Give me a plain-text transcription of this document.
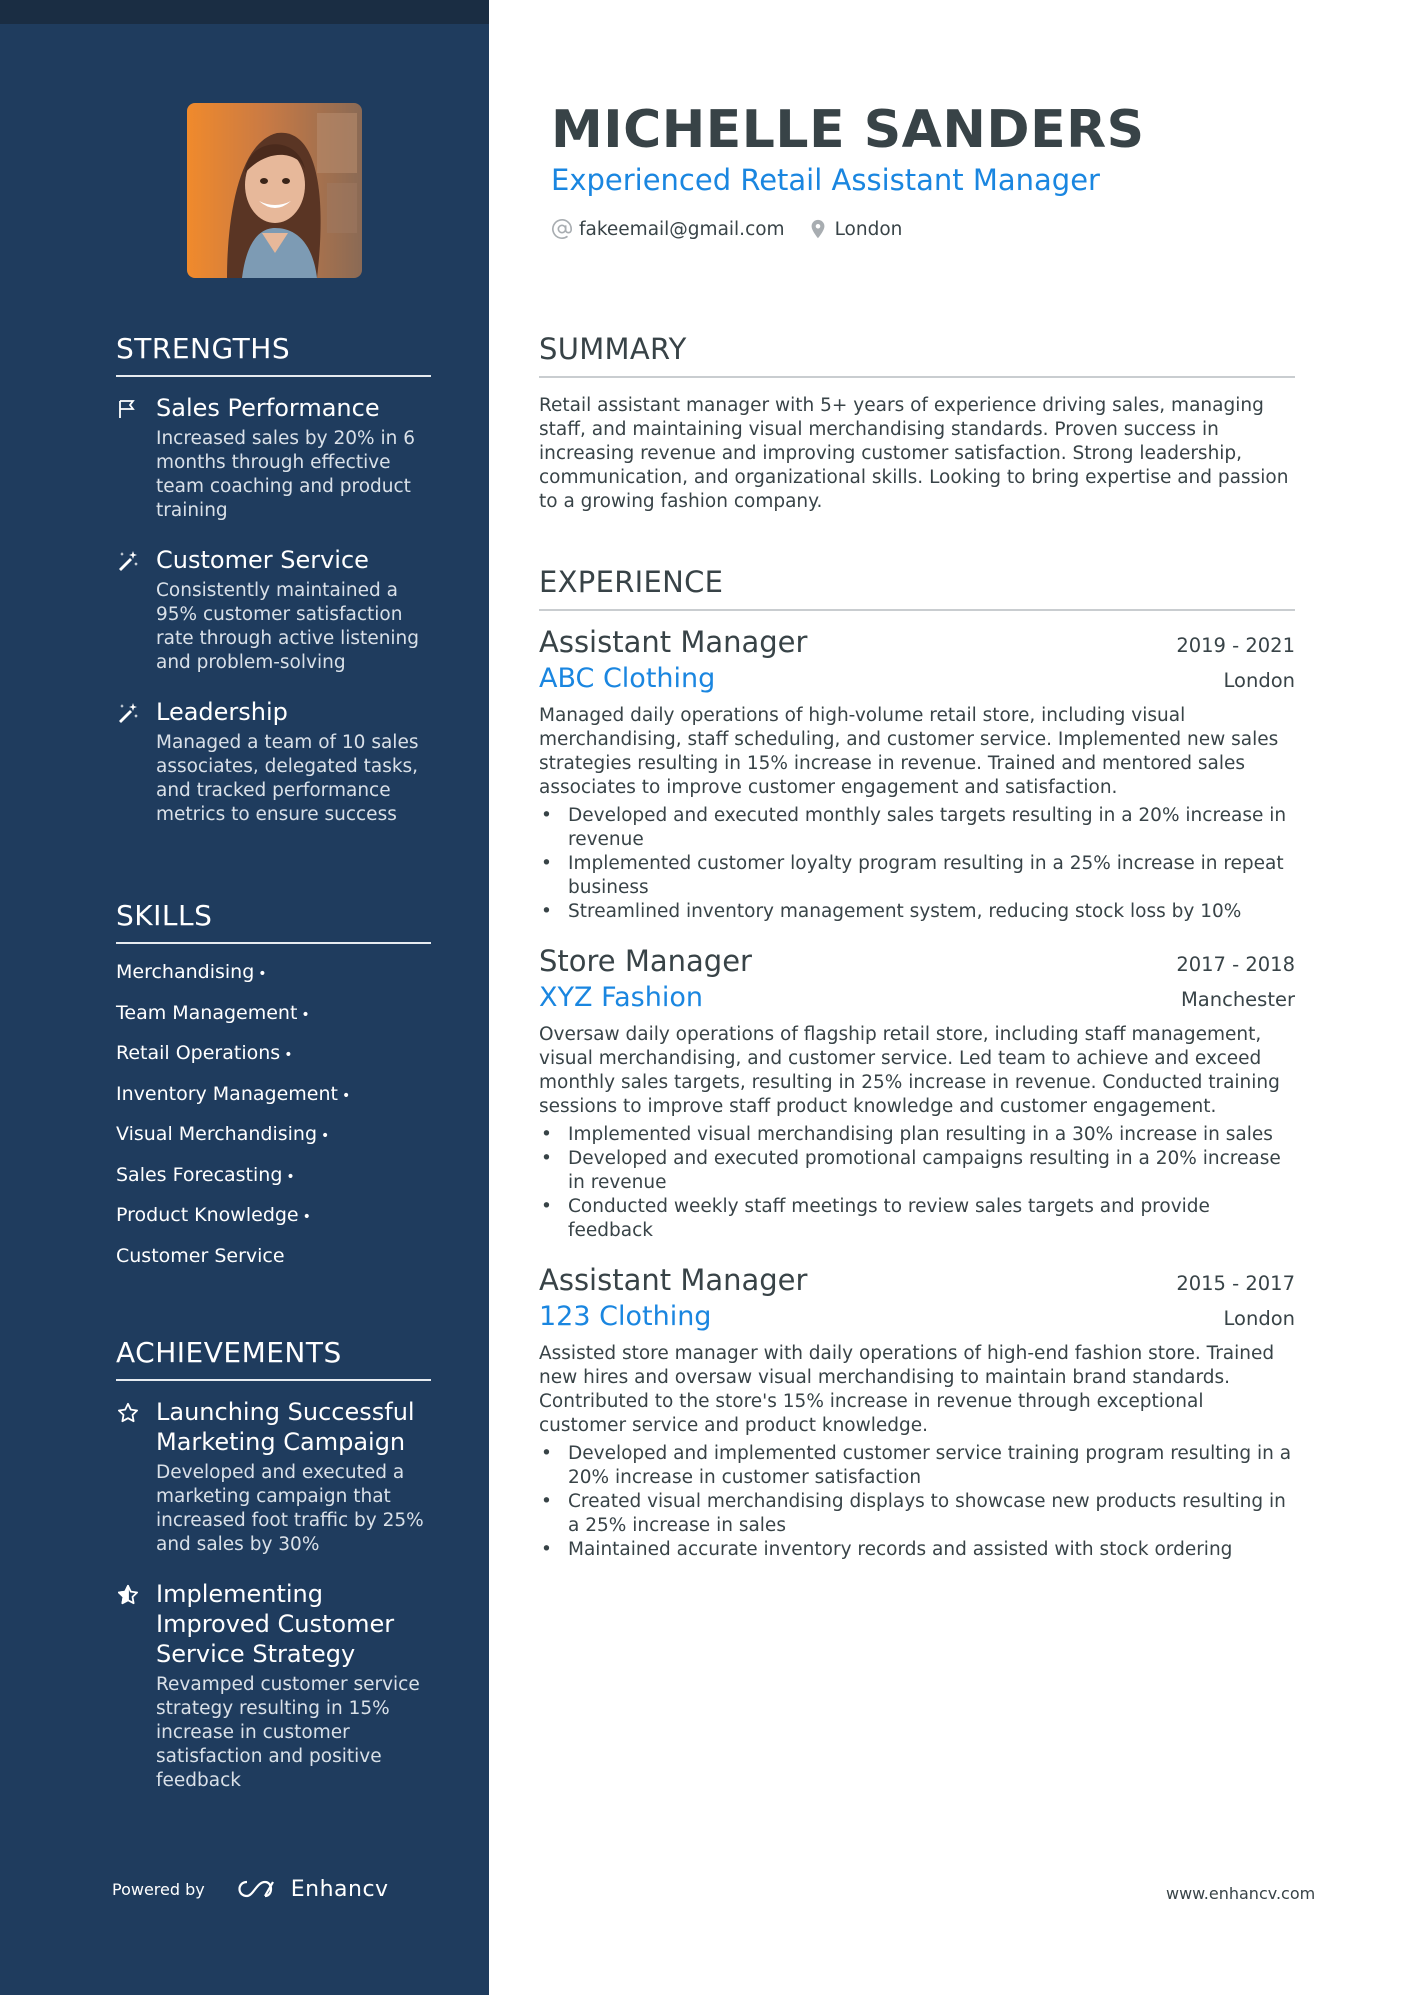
STRENGTHS
Sales Performance
Increased sales by 20% in 6 months through effective team coaching and product training
Customer Service
Consistently maintained a 95% customer satisfaction rate through active listening and problem-solving
Leadership
Managed a team of 10 sales associates, delegated tasks, and tracked performance metrics to ensure success
SKILLS
Merchandising •
Team Management •
Retail Operations •
Inventory Management •
Visual Merchandising •
Sales Forecasting •
Product Knowledge •
Customer Service
ACHIEVEMENTS
Launching Successful Marketing Campaign
Developed and executed a marketing campaign that increased foot traffic by 25% and sales by 30%
Implementing Improved Customer Service Strategy
Revamped customer service strategy resulting in 15% increase in customer satisfaction and positive feedback
Powered by	Enhancv
MICHELLE SANDERS
Experienced Retail Assistant Manager
fakeemail@gmail.com	London
SUMMARY
Retail assistant manager with 5+ years of experience driving sales, managing staff, and maintaining visual merchandising standards. Proven success in increasing revenue and improving customer satisfaction. Strong leadership, communication, and organizational skills. Looking to bring expertise and passion to a growing fashion company.
EXPERIENCE
Assistant Manager	2019 - 2021
ABC Clothing	London
Managed daily operations of high-volume retail store, including visual merchandising, staff scheduling, and customer service. Implemented new sales strategies resulting in 15% increase in revenue. Trained and mentored sales associates to improve customer engagement and satisfaction.
• Developed and executed monthly sales targets resulting in a 20% increase in revenue
• Implemented customer loyalty program resulting in a 25% increase in repeat business
• Streamlined inventory management system, reducing stock loss by 10%
Store Manager	2017 - 2018
XYZ Fashion	Manchester
Oversaw daily operations of flagship retail store, including staff management, visual merchandising, and customer service. Led team to achieve and exceed monthly sales targets, resulting in 25% increase in revenue. Conducted training sessions to improve staff product knowledge and customer engagement.
• Implemented visual merchandising plan resulting in a 30% increase in sales
• Developed and executed promotional campaigns resulting in a 20% increase in revenue
• Conducted weekly staff meetings to review sales targets and provide feedback
Assistant Manager	2015 - 2017
123 Clothing	London
Assisted store manager with daily operations of high-end fashion store. Trained new hires and oversaw visual merchandising to maintain brand standards. Contributed to the store's 15% increase in revenue through exceptional customer service and product knowledge.
• Developed and implemented customer service training program resulting in a 20% increase in customer satisfaction
• Created visual merchandising displays to showcase new products resulting in a 25% increase in sales
• Maintained accurate inventory records and assisted with stock ordering
www.enhancv.com
